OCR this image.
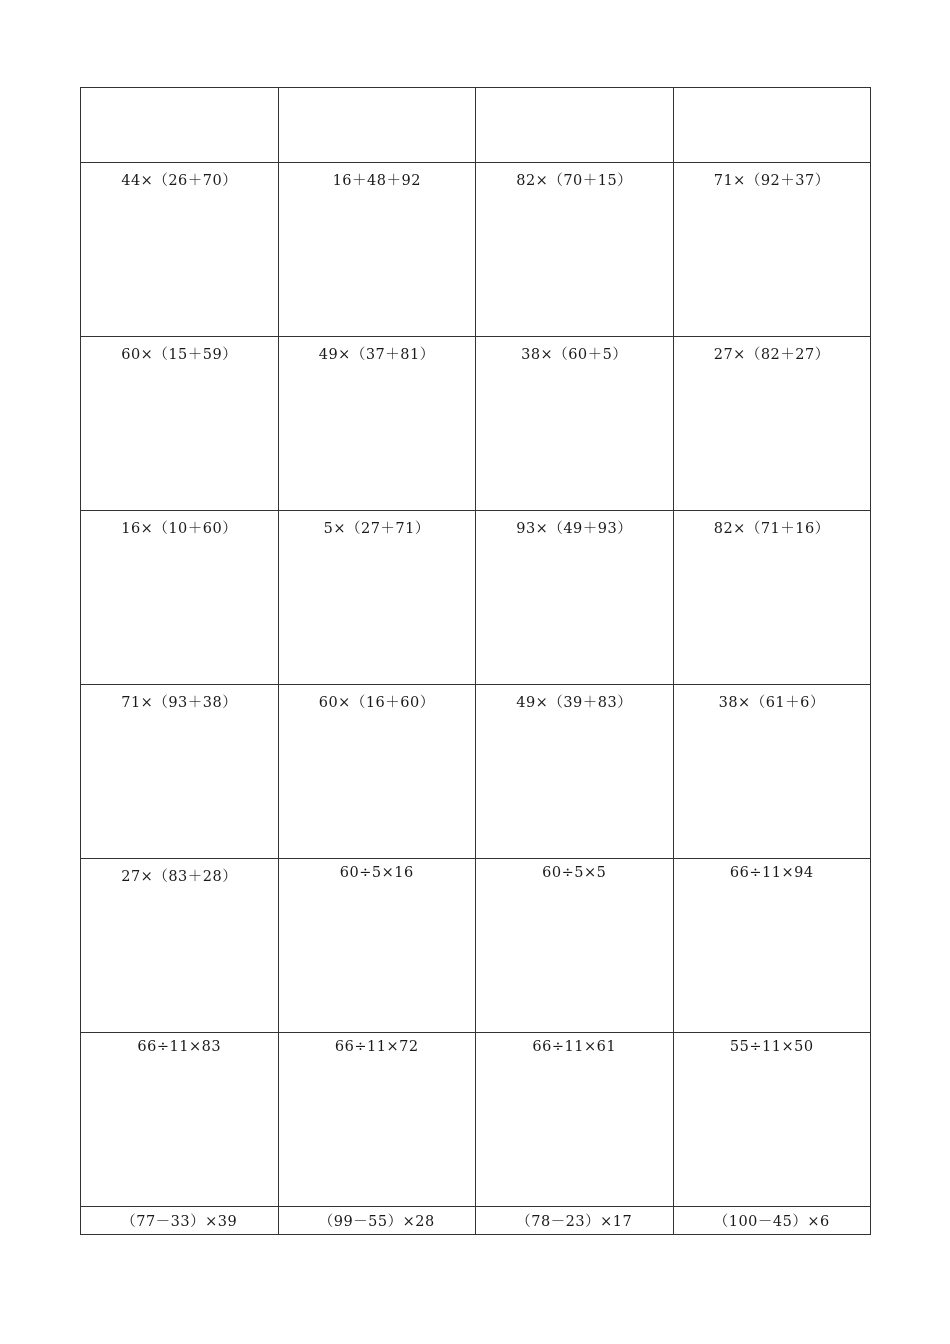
44×（26＋70）	16＋48＋92	82×（70＋15）	71×（92＋37）
60×（15＋59）	49×（37＋81）	38×（60＋5）	27×（82＋27）
16×（10＋60）	5×（27＋71）	93×（49＋93）	82×（71＋16）
71×（93＋38）	60×（16＋60）	49×（39＋83）	38×（61＋6）
27×（83＋28）	60÷5×16	60÷5×5	66÷11×94
66÷11×83	66÷11×72	66÷11×61	55÷11×50
（77－33）×39	（99－55）×28	（78－23）×17	（100－45）×6
